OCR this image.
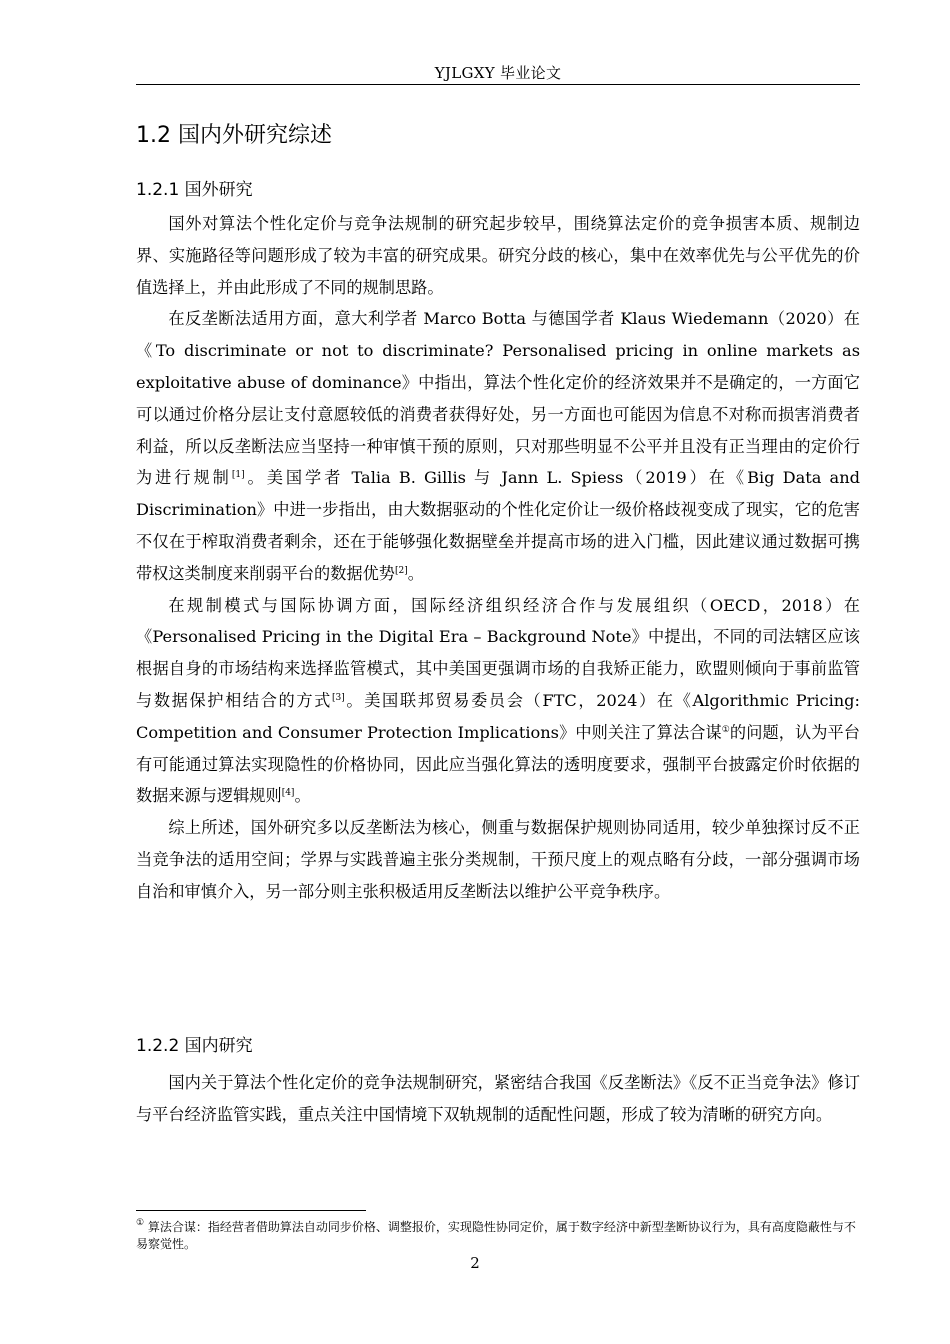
YJLGXY 毕业论文
1.2 国内外研究综述
1.2.1 国外研究

国外对算法个性化定价与竞争法规制的研究起步较早，围绕算法定价的竞争损害本质、规制边界、实施路径等问题形成了较为丰富的研究成果。研究分歧的核心，集中在效率优先与公平优先的价值选择上，并由此形成了不同的规制思路。

在反垄断法适用方面，意大利学者 Marco Botta 与德国学者 Klaus Wiedemann（2020）在《To discriminate or not to discriminate? Personalised pricing in online markets as exploitative abuse of dominance》中指出，算法个性化定价的经济效果并不是确定的，一方面它可以通过价格分层让支付意愿较低的消费者获得好处，另一方面也可能因为信息不对称而损害消费者利益，所以反垄断法应当坚持一种审慎干预的原则，只对那些明显不公平并且没有正当理由的定价行为进行规制[1]。美国学者 Talia B. Gillis 与 Jann L. Spiess（2019）在《Big Data and Discrimination》中进一步指出，由大数据驱动的个性化定价让一级价格歧视变成了现实，它的危害不仅在于榨取消费者剩余，还在于能够强化数据壁垒并提高市场的进入门槛，因此建议通过数据可携带权这类制度来削弱平台的数据优势[2]。

在规制模式与国际协调方面，国际经济组织经济合作与发展组织（OECD，2018）在《Personalised Pricing in the Digital Era – Background Note》中提出，不同的司法辖区应该根据自身的市场结构来选择监管模式，其中美国更强调市场的自我矫正能力，欧盟则倾向于事前监管与数据保护相结合的方式[3]。美国联邦贸易委员会（FTC，2024）在《Algorithmic Pricing: Competition and Consumer Protection Implications》中则关注了算法合谋①的问题，认为平台有可能通过算法实现隐性的价格协同，因此应当强化算法的透明度要求，强制平台披露定价时依据的数据来源与逻辑规则[4]。

综上所述，国外研究多以反垄断法为核心，侧重与数据保护规则协同适用，较少单独探讨反不正当竞争法的适用空间；学界与实践普遍主张分类规制，干预尺度上的观点略有分歧，一部分强调市场自治和审慎介入，另一部分则主张积极适用反垄断法以维护公平竞争秩序。

1.2.2 国内研究

国内关于算法个性化定价的竞争法规制研究，紧密结合我国《反垄断法》《反不正当竞争法》修订与平台经济监管实践，重点关注中国情境下双轨规制的适配性问题，形成了较为清晰的研究方向。

① 算法合谋：指经营者借助算法自动同步价格、调整报价，实现隐性协同定价，属于数字经济中新型垄断协议行为，具有高度隐蔽性与不易察觉性。
2
